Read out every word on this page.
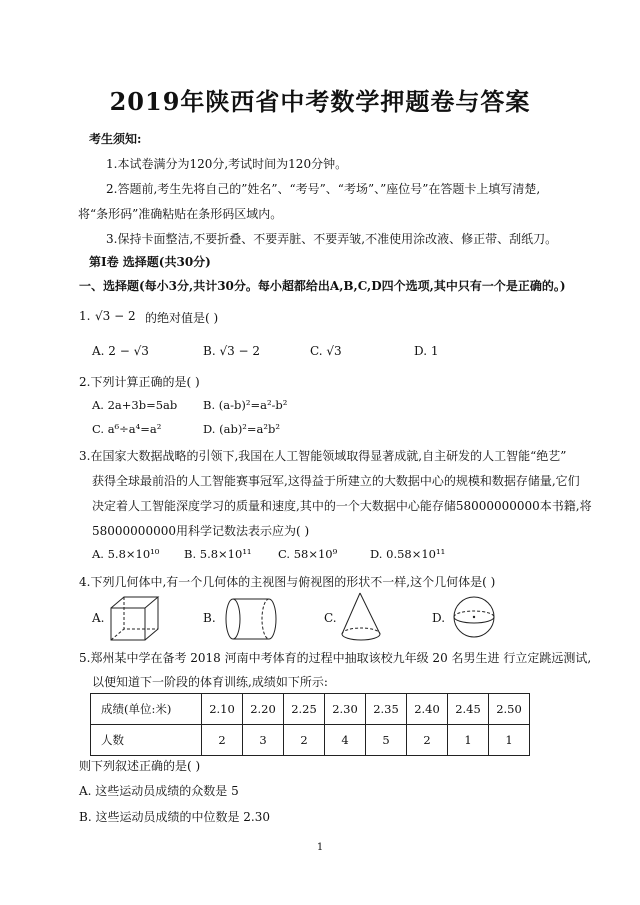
2019年陕西省中考数学押题卷与答案
考生须知:
1.本试卷满分为120分,考试时间为120分钟。
2.答题前,考生先将自己的”姓名”、“考号”、“考场”、”座位号”在答题卡上填写清楚,
将“条形码”准确粘贴在条形码区域内。
3.保持卡面整洁,不要折叠、不要弄脏、不要弄皱,不准使用涂改液、修正带、刮纸刀。
第Ⅰ卷 选择题(共30分)
一、选择题(每小3分,共计30分。每小超都给出A,B,C,D四个选项,其中只有一个是正确的。)
1. √3 − 2 的绝对值是( )
A. 2 − √3	B. √3 − 2	C. √3	D. 1
2.下列计算正确的是( )
A. 2a+3b=5ab B. (a-b)²=a²-b²
C. a⁶÷a⁴=a²	D. (ab)²=a²b²
3.在国家大数据战略的引领下,我国在人工智能领域取得显著成就,自主研发的人工智能“绝艺”
获得全球最前沿的人工智能赛事冠军,这得益于所建立的大数据中心的规模和数据存储量,它们
决定着人工智能深度学习的质量和速度,其中的一个大数据中心能存储58000000000本书籍,将
58000000000用科学记数法表示应为( )
A. 5.8×10¹⁰ B. 5.8×10¹¹ C. 58×10⁹	D. 0.58×10¹¹
4.下列几何体中,有一个几何体的主视图与俯视图的形状不一样,这个几何体是( )
A.	B.	C.	D.
5.郑州某中学在备考 2018 河南中考体育的过程中抽取该校九年级 20 名男生进 行立定跳远测试,
以便知道下一阶段的体育训练,成绩如下所示:
成绩(单位:米)	2.10	2.20	2.25	2.30	2.35	2.40	2.45	2.50
人数	2	3	2	4	5	2	1	1
则下列叙述正确的是( )
A. 这些运动员成绩的众数是 5
B. 这些运动员成绩的中位数是 2.30
1
